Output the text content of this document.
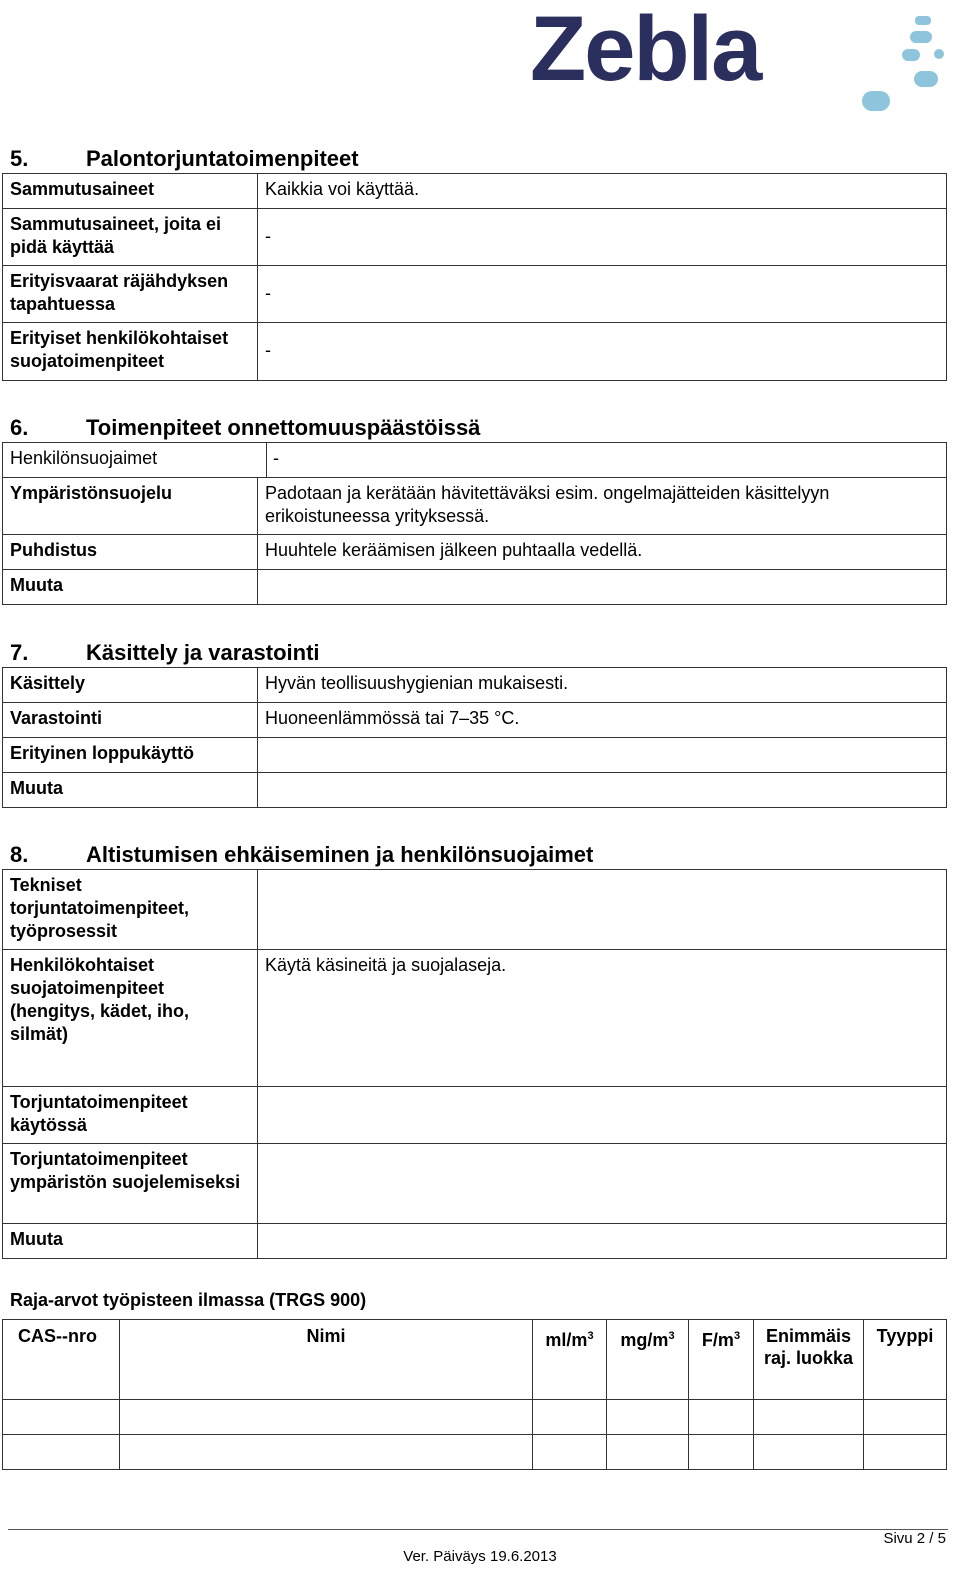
Zebla
5.	Palontorjuntatoimenpiteet
Sammutusaineet	Kaikkia voi käyttää.
Sammutusaineet, joita ei pidä käyttää	-
Erityisvaarat räjähdyksen tapahtuessa	-
Erityiset henkilökohtaiset suojatoimenpiteet	-
6.	Toimenpiteet onnettomuuspäästöissä
Henkilönsuojaimet -	

Ympäristönsuojelu	Padotaan ja kerätään hävitettäväksi esim. ongelmajätteiden käsittelyyn erikoistuneessa yrityksessä.
Puhdistus	Huuhtele keräämisen jälkeen puhtaalla vedellä.
Muuta	
7.	Käsittely ja varastointi
Käsittely	Hyvän teollisuushygienian mukaisesti.
Varastointi	Huoneenlämmössä tai 7–35 °C.
Erityinen loppukäyttö	
Muuta	
8.	Altistumisen ehkäiseminen ja henkilönsuojaimet
Tekniset torjuntatoimenpiteet, työprosessit	
Henkilökohtaiset suojatoimenpiteet (hengitys, kädet, iho, silmät)	Käytä käsineitä ja suojalaseja.
Torjuntatoimenpiteet käytössä	
Torjuntatoimenpiteet ympäristön suojelemiseksi	
Muuta	
Raja-arvot työpisteen ilmassa (TRGS 900)
CAS--nro	Nimi	$ml/m^3$	$mg/m^3$	$F/m^3$	Enimmäis raj. luokka	Tyyppi

Sivu 2 / 5
Ver. Päiväys 19.6.2013
